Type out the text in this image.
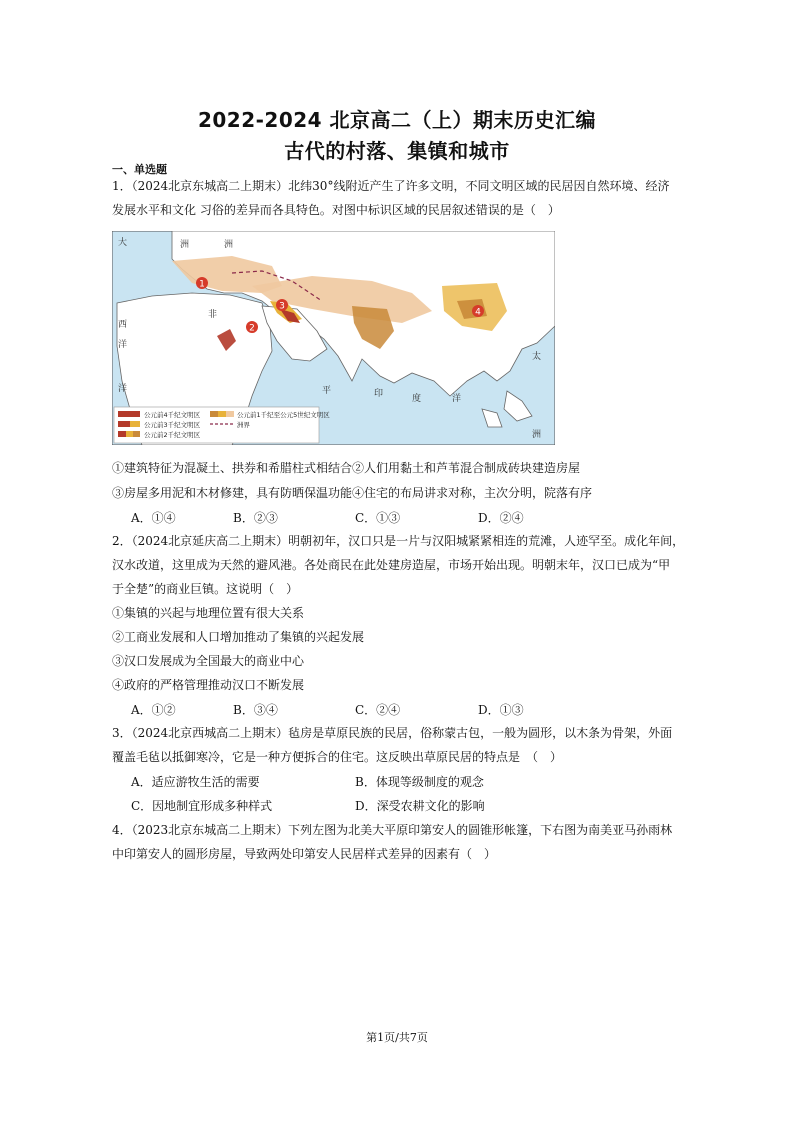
2022-2024 北京高二（上）期末历史汇编
古代的村落、集镇和城市
一、单选题
1．（2024北京东城高二上期末）北纬30°线附近产生了许多文明，不同文明区域的民居因自然环境、经济
发展水平和文化 习俗的差异而各具特色。对图中标识区域的民居叙述错误的是（　）
1
2
3
4
大	洲	洲
西
非
洋
洋	印	度
太
洲
平
洋
公元前4千纪文明区
公元前3千纪文明区
公元前2千纪文明区
公元前1千纪至公元5世纪文明区
洲界
①建筑特征为混凝土、拱券和希腊柱式相结合②人们用黏土和芦苇混合制成砖块建造房屋
③房屋多用泥和木材修建，具有防晒保温功能④住宅的布局讲求对称，主次分明，院落有序
A．①④	B．②③	C．①③	D．②④
2．（2024北京延庆高二上期末）明朝初年，汉口只是一片与汉阳城紧紧相连的荒滩，人迹罕至。成化年间，
汉水改道，这里成为天然的避风港。各处商民在此处建房造屋，市场开始出现。明朝末年，汉口已成为“甲
于全楚”的商业巨镇。这说明（　）
①集镇的兴起与地理位置有很大关系
②工商业发展和人口增加推动了集镇的兴起发展
③汉口发展成为全国最大的商业中心
④政府的严格管理推动汉口不断发展
A．①②	B．③④	C．②④	D．①③
3．（2024北京西城高二上期末）毡房是草原民族的民居，俗称蒙古包，一般为圆形，以木条为骨架，外面
覆盖毛毡以抵御寒冷，它是一种方便拆合的住宅。这反映出草原民居的特点是　（　）
A．适应游牧生活的需要	B．体现等级制度的观念
C．因地制宜形成多种样式	D．深受农耕文化的影响
4．（2023北京东城高二上期末）下列左图为北美大平原印第安人的圆锥形帐篷，下右图为南美亚马孙雨林
中印第安人的圆形房屋，导致两处印第安人民居样式差异的因素有（　）
第1页/共7页
